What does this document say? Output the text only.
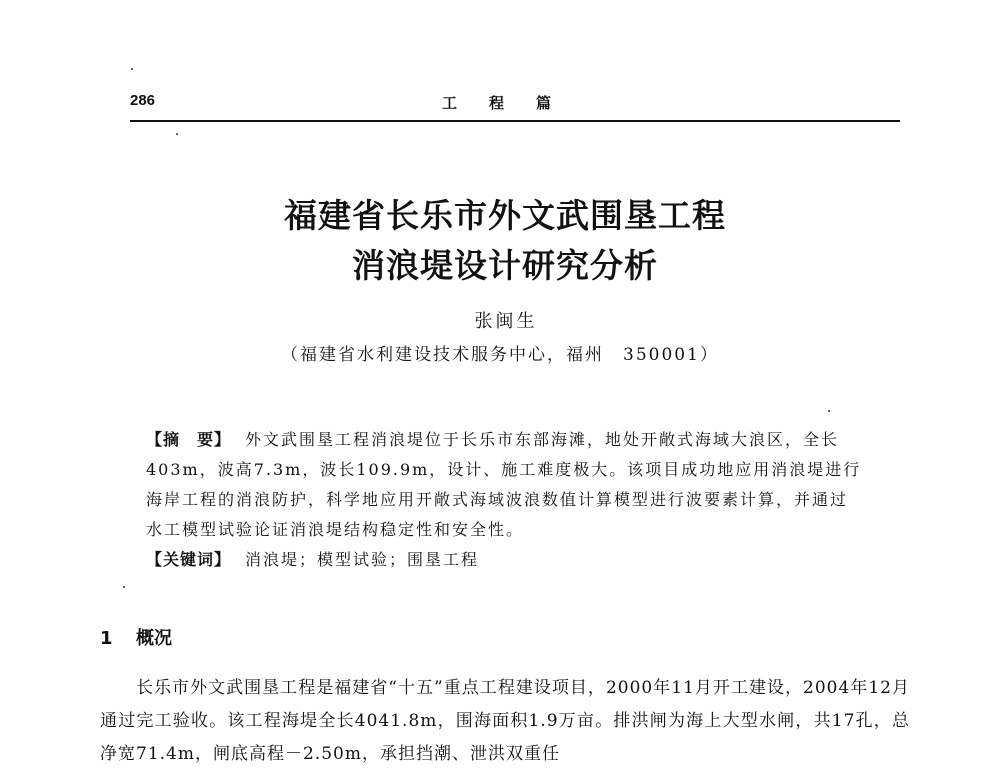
286	工程篇
福建省长乐市外文武围垦工程
消浪堤设计研究分析
张闽生
（福建省水利建设技术服务中心，福州　350001）
【摘　要】 外文武围垦工程消浪堤位于长乐市东部海滩，地处开敞式海域大浪区，全长403m，波高7.3m，波长109.9m，设计、施工难度极大。该项目成功地应用消浪堤进行海岸工程的消浪防护，科学地应用开敞式海域波浪数值计算模型进行波要素计算，并通过水工模型试验论证消浪堤结构稳定性和安全性。
【关键词】 消浪堤；模型试验；围垦工程
1 概况
长乐市外文武围垦工程是福建省“十五”重点工程建设项目，2000年11月开工建设，2004年12月通过完工验收。该工程海堤全长4041.8m，围海面积1.9万亩。排洪闸为海上大型水闸，共17孔，总净宽71.4m，闸底高程－2.50m，承担挡潮、泄洪双重任
